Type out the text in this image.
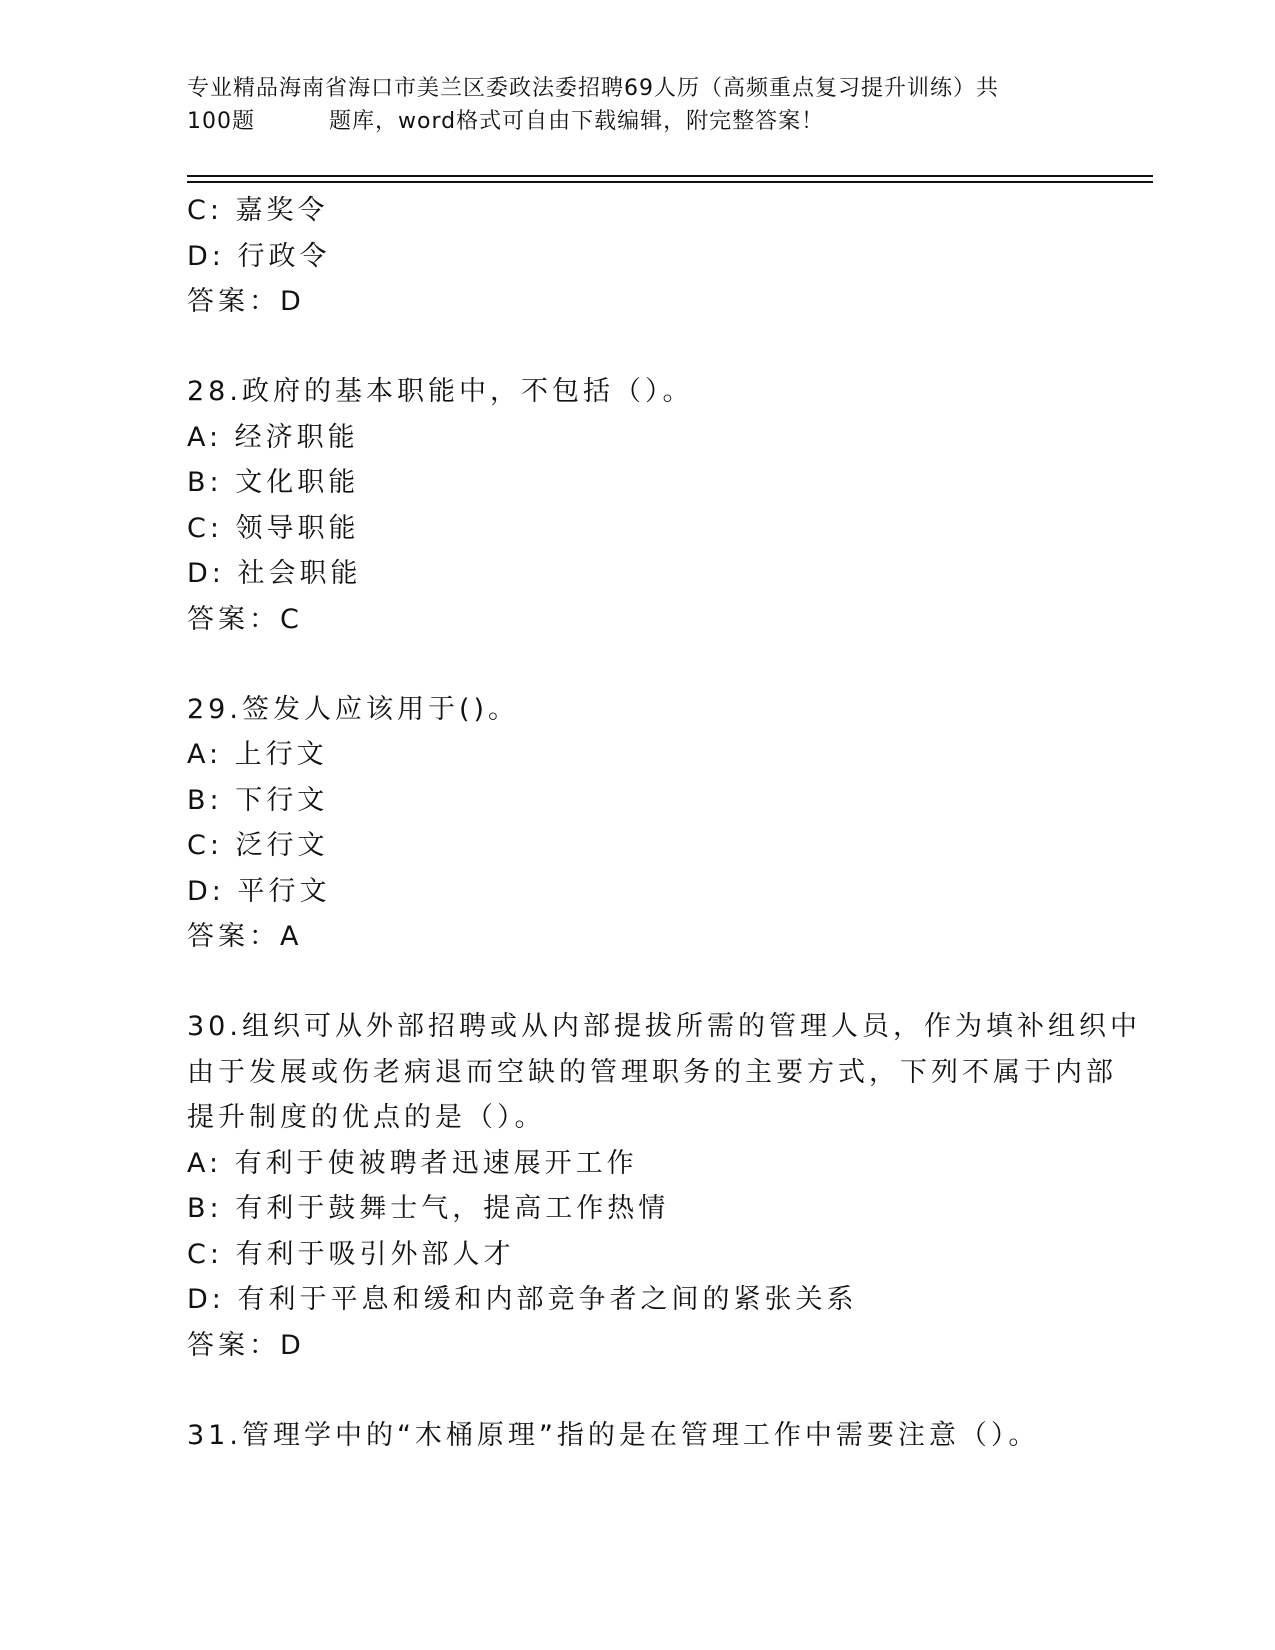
专业精品海南省海口市美兰区委政法委招聘69人历（高频重点复习提升训练）共
100题	题库，word格式可自由下载编辑，附完整答案！
C: 嘉奖令
D: 行政令
答案：D
28.政府的基本职能中，不包括（）。
A: 经济职能
B: 文化职能
C: 领导职能
D: 社会职能
答案：C
29.签发人应该用于()。
A: 上行文
B: 下行文
C: 泛行文
D: 平行文
答案：A
30.组织可从外部招聘或从内部提拔所需的管理人员，作为填补组织中
由于发展或伤老病退而空缺的管理职务的主要方式，下列不属于内部
提升制度的优点的是（）。
A: 有利于使被聘者迅速展开工作
B: 有利于鼓舞士气，提高工作热情
C: 有利于吸引外部人才
D: 有利于平息和缓和内部竞争者之间的紧张关系
答案：D
31.管理学中的“木桶原理”指的是在管理工作中需要注意（）。
